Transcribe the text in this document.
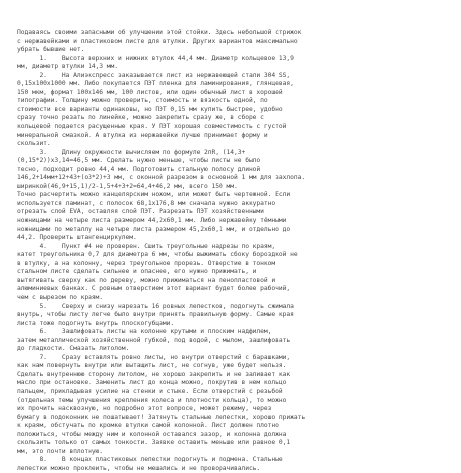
Подаваясь своими запасными об улучшении этой стойки. Здесь небольшой стрижок
с нержавейками и пластиковом листе для втулки. Других вариантов максимально
убрать бывшие нет.
1.    Высота верхних и нижних втулок 44,4 мм. Диаметр кольцевое 13,9
мм, диаметр втулки 14,3 мм.
2.    На Алиэкспресс заказывается лист из нержавеющей стали 304 SS,
0,15x100x1000 мм. Либо покупается ПЭТ пленка для ламинирования, глянцевая,
150 мкм, формат 100x146 мм, 100 листов, или один обычный лист в хорошей
типографии. Толщину можно проверить, стоимость и вязкость одной, по
стоимости все варианты одинаковы, но ПЭТ 0,15 мм купить быстрее, удобно
сразу точно резать по линейке, можно закрепить сразу же, в сборе с
кольцевой подается расущенные края. У ПЭТ хорошая совместимость с густой
минеральной смазкой. А втулка из нержавейки лучше принимает форму и
скользит.
3.    Длину окружности вычисляем по формуле 2пR, (14,3+
(0,15*2))x3,14=46,5 мм. Сделать нужно меньше, чтобы листы не было
тесно, подходит ровно 44,4 мм. Подготовить стальную полосу длиной
146,2+14мм+12+43+(о3*2)+3 мм, с оконной разрезом в основной 1 мм для захлопа.
ширинкой(46,9+15,1)/2-1,5+4+3+2=64,4+46,2 мм, всего 150 мм.
Точно расчертить можно канцелярским ножом, или может быть чертежной. Если
используется ламинат, с полосок 68,1x176,8 мм сначала нужно аккуратно
отрезать слой EVA, оставляя слой ПЭТ. Разрезать ПЭТ хозяйственными
ножницами на четыре листа размером 44,2x60,1 мм. Либо нержавейку тёмными
ножницами по металлу на четыре листа размером 45,2x60,1 мм, и отдельно до
44,2. Проверить штангенциркулем.
4.    Пункт #4 не проверен. Сшить треугольные надрезы по краям,
катет треугольника 0,7 для диаметра 6 мм, чтобы выжимать сбоку бороздкой не
в втулку, а на колонну, через треугольное прорезь. Отверстие в тонком
стальном листе сделать сильнее и опаснее, его нужно прижимать, и
вытягивать сверху как по дереву, можно прижиматься на пенопластовой и
алюминиевых банках. С ровным отверстием этот вариант будет более рабочий,
чем с вырезом по краям.
5.    Сверху и снизу нарезать 16 ровных лепестков, подогнуть сжимала
внутрь, чтобы листу легче было внутри принять правильную форму. Самые края
листа тоже подогнуть внутрь плоскогубцами.
6.    Зашлифовать листы на колонне крутыми и плоским надфилем,
затем металлической хозяйственной губкой, под водой, с мылом, зашлифовать
до гладкости. Смазать литолом.
7.    Сразу вставлять ровно листы, но внутри отверстий с барашками,
как нам повернуть внутри или вытащить лист, не согнув, уже будет нельзя.
Сделать внутреннюю сторону литолом, не хорошо закрепить и не заливает как
масло при остановке. Заменить лист до конца можно, покрутив в нем кольцо
пальцем, прикладывая усилие на стенки и стыке. Если отверстий с резьбой
(отдельная темы улучшения крепления колеса и плотности кольца), то можно
их прочить насквозную, но подробно этот вопросе, может режиму, через
бумагу в подоконник не пошатывает! Затянуть стальные лепестки, хорошо прижать
к краям, обстучать по кромке втулки самой колонной. Лист должен плотно
положиться, чтобы между ним и колонной оставался зазор, и колонна должна
скользить только от самых тонкости. Заявке оставить меньше или равное 0,1
мм, это почти вплотную.
8.    В концах пластиковых лепестки подогнуть и подмена. Стальные
лепестки можно проклеить, чтобы не мешались и не проворачивались.
